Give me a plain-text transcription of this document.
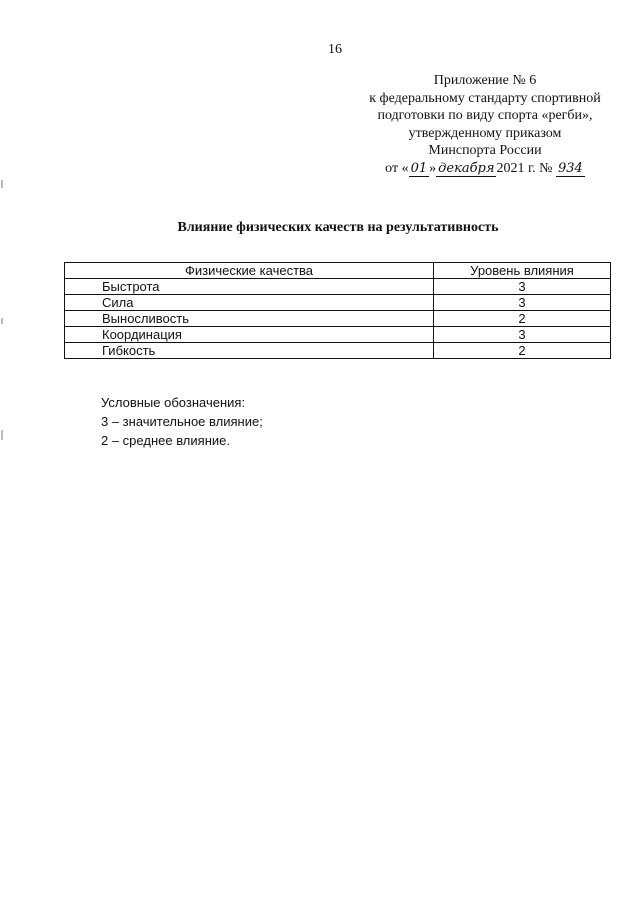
16
Приложение № 6
к федеральному стандарту спортивной
подготовки по виду спорта «регби»,
утвержденному приказом
Минспорта России
от « 01 » декабря 2021 г. № 934
Влияние физических качеств на результативность
Физические качества	Уровень влияния
Быстрота	3
Сила	3
Выносливость	2
Координация	3
Гибкость	2
Условные обозначения:
3 – значительное влияние;
2 – среднее влияние.
